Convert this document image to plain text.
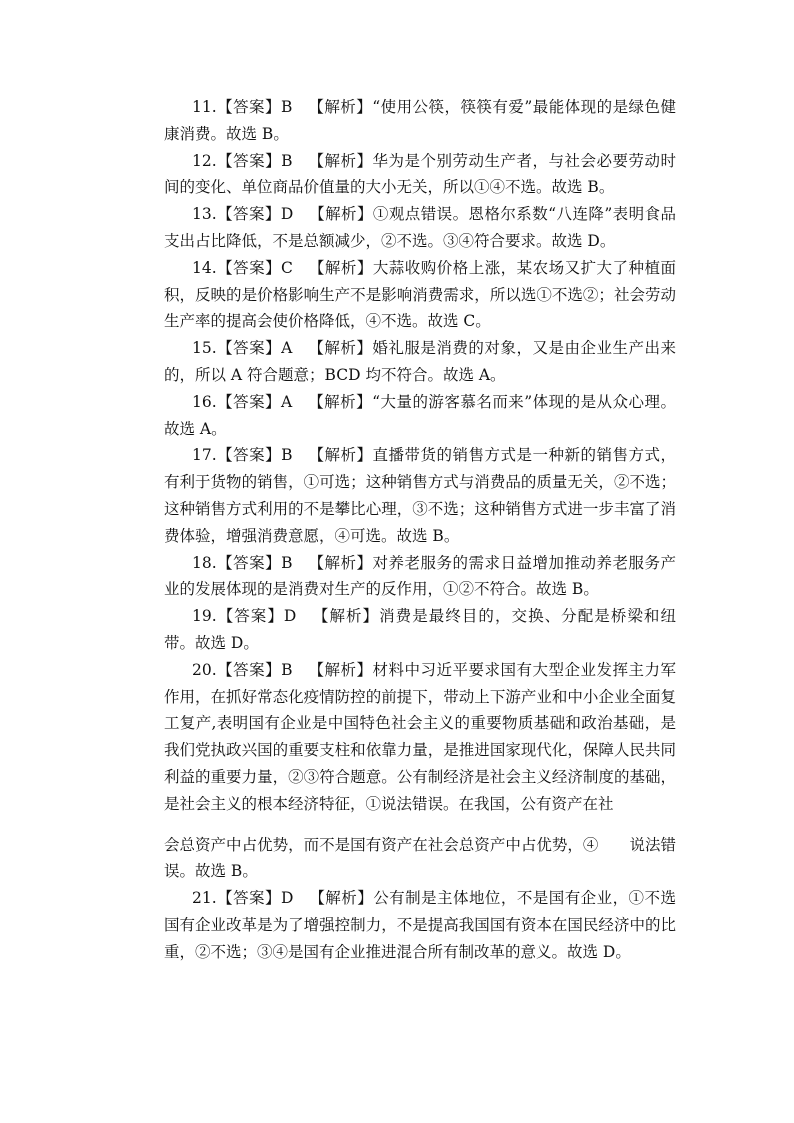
11.【答案】B  【解析】“使用公筷，筷筷有爱”最能体现的是绿色健康消费。故选 B。

12.【答案】B  【解析】华为是个别劳动生产者，与社会必要劳动时间的变化、单位商品价值量的大小无关，所以①④不选。故选 B。

13.【答案】D  【解析】①观点错误。恩格尔系数“八连降”表明食品支出占比降低，不是总额减少，②不选。③④符合要求。故选 D。

14.【答案】C  【解析】大蒜收购价格上涨，某农场又扩大了种植面积，反映的是价格影响生产不是影响消费需求，所以选①不选②；社会劳动生产率的提高会使价格降低，④不选。故选 C。

15.【答案】A  【解析】婚礼服是消费的对象，又是由企业生产出来的，所以 A 符合题意；BCD 均不符合。故选 A。

16.【答案】A  【解析】“大量的游客慕名而来”体现的是从众心理。故选 A。

17.【答案】B  【解析】直播带货的销售方式是一种新的销售方式，有利于货物的销售，①可选；这种销售方式与消费品的质量无关，②不选；这种销售方式利用的不是攀比心理，③不选；这种销售方式进一步丰富了消费体验，增强消费意愿，④可选。故选 B。

18.【答案】B  【解析】对养老服务的需求日益增加推动养老服务产业的发展体现的是消费对生产的反作用，①②不符合。故选 B。

19.【答案】D  【解析】消费是最终目的，交换、分配是桥梁和纽带。故选 D。

20.【答案】B  【解析】材料中习近平要求国有大型企业发挥主力军作用，在抓好常态化疫情防控的前提下，带动上下游产业和中小企业全面复工复产,表明国有企业是中国特色社会主义的重要物质基础和政治基础，是我们党执政兴国的重要支柱和依靠力量，是推进国家现代化，保障人民共同利益的重要力量，②③符合题意。公有制经济是社会主义经济制度的基础，是社会主义的根本经济特征，①说法错误。在我国，公有资产在社

会总资产中占优势，而不是国有资产在社会总资产中占优势，④　　说法错误。故选 B。

21.【答案】D  【解析】公有制是主体地位，不是国有企业，①不选国有企业改革是为了增强控制力，不是提高我国国有资本在国民经济中的比重，②不选；③④是国有企业推进混合所有制改革的意义。故选 D。
